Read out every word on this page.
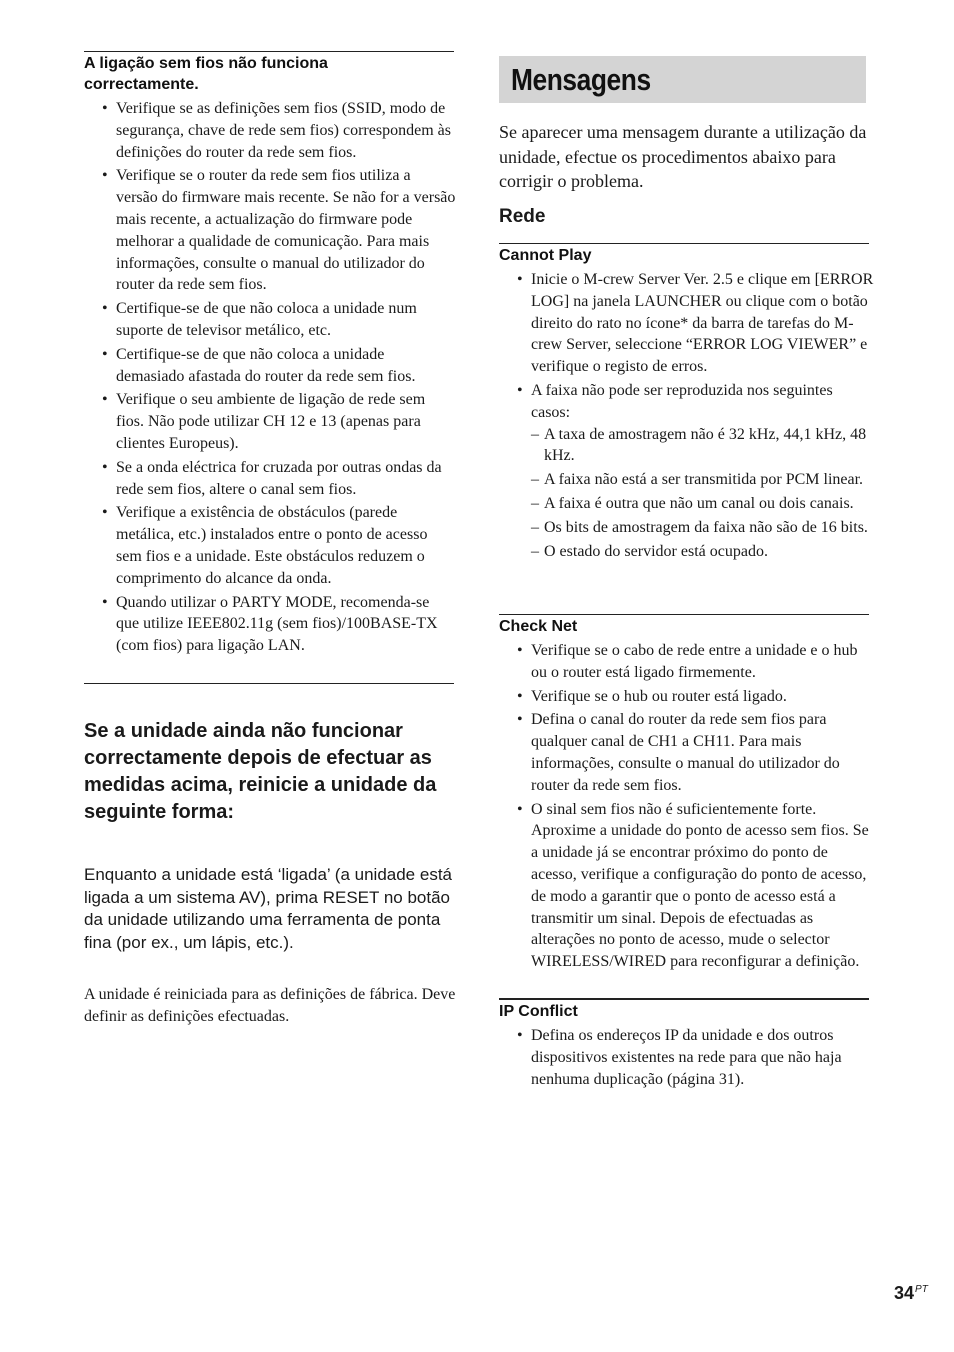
A ligação sem fios não funciona correctamente.
• Verifique se as definições sem fios (SSID, modo de segurança, chave de rede sem fios) correspondem às definições do router da rede sem fios.
• Verifique se o router da rede sem fios utiliza a versão do firmware mais recente. Se não for a versão mais recente, a actualização do firmware pode melhorar a qualidade de comunicação. Para mais informações, consulte o manual do utilizador do router da rede sem fios.
• Certifique-se de que não coloca a unidade num suporte de televisor metálico, etc.
• Certifique-se de que não coloca a unidade demasiado afastada do router da rede sem fios.
• Verifique o seu ambiente de ligação de rede sem fios. Não pode utilizar CH 12 e 13 (apenas para clientes Europeus).
• Se a onda eléctrica for cruzada por outras ondas da rede sem fios, altere o canal sem fios.
• Verifique a existência de obstáculos (parede metálica, etc.) instalados entre o ponto de acesso sem fios e a unidade. Este obstáculos reduzem o comprimento do alcance da onda.
• Quando utilizar o PARTY MODE, recomenda-se que utilize IEEE802.11g (sem fios)/100BASE-TX (com fios) para ligação LAN.
Se a unidade ainda não funcionar correctamente depois de efectuar as medidas acima, reinicie a unidade da seguinte forma:
Enquanto a unidade está ‘ligada’ (a unidade está ligada a um sistema AV), prima RESET no botão da unidade utilizando uma ferramenta de ponta fina (por ex., um lápis, etc.).
A unidade é reiniciada para as definições de fábrica. Deve definir as definições efectuadas.
Mensagens
Se aparecer uma mensagem durante a utilização da unidade, efectue os procedimentos abaixo para corrigir o problema.
Rede
Cannot Play
• Inicie o M-crew Server Ver. 2.5 e clique em [ERROR LOG] na janela LAUNCHER ou clique com o botão direito do rato no ícone* da barra de tarefas do M-crew Server, seleccione “ERROR LOG VIEWER” e verifique o registo de erros.
• A faixa não pode ser reproduzida nos seguintes casos:
– A taxa de amostragem não é 32 kHz, 44,1 kHz, 48 kHz.
– A faixa não está a ser transmitida por PCM linear.
– A faixa é outra que não um canal ou dois canais.
– Os bits de amostragem da faixa não são de 16 bits.
– O estado do servidor está ocupado.
Check Net
• Verifique se o cabo de rede entre a unidade e o hub ou o router está ligado firmemente.
• Verifique se o hub ou router está ligado.
• Defina o canal do router da rede sem fios para qualquer canal de CH1 a CH11. Para mais informações, consulte o manual do utilizador do router da rede sem fios.
• O sinal sem fios não é suficientemente forte. Aproxime a unidade do ponto de acesso sem fios. Se a unidade já se encontrar próximo do ponto de acesso, verifique a configuração do ponto de acesso, de modo a garantir que o ponto de acesso está a transmitir um sinal. Depois de efectuadas as alterações no ponto de acesso, mude o selector WIRELESS/WIRED para reconfigurar a definição.
IP Conflict
• Defina os endereços IP da unidade e dos outros dispositivos existentes na rede para que não haja nenhuma duplicação (página 31).
$34^{PT}$
